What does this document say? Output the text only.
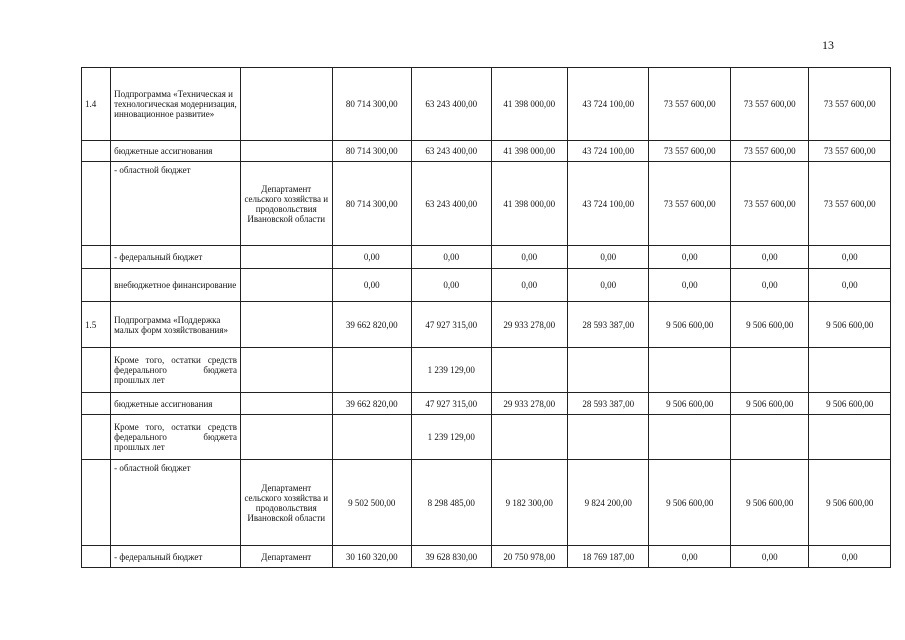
13
1.4	Подпрограмма «Техническая и технологическая модернизация, инновационное развитие»		80 714 300,00	63 243 400,00	41 398 000,00	43 724 100,00	73 557 600,00	73 557 600,00	73 557 600,00
	бюджетные ассигнования		80 714 300,00	63 243 400,00	41 398 000,00	43 724 100,00	73 557 600,00	73 557 600,00	73 557 600,00
	- областной бюджет	Департамент сельского хозяйства и продовольствия Ивановской области	80 714 300,00	63 243 400,00	41 398 000,00	43 724 100,00	73 557 600,00	73 557 600,00	73 557 600,00
	- федеральный бюджет		0,00	0,00	0,00	0,00	0,00	0,00	0,00
	внебюджетное финансирование		0,00	0,00	0,00	0,00	0,00	0,00	0,00
1.5	Подпрограмма «Поддержка малых форм хозяйствования»		39 662 820,00	47 927 315,00	29 933 278,00	28 593 387,00	9 506 600,00	9 506 600,00	9 506 600,00
	Кроме того, остатки средств федерального бюджета прошлых лет			1 239 129,00					
	бюджетные ассигнования		39 662 820,00	47 927 315,00	29 933 278,00	28 593 387,00	9 506 600,00	9 506 600,00	9 506 600,00
	Кроме того, остатки средств федерального бюджета прошлых лет			1 239 129,00					
	- областной бюджет	Департамент сельского хозяйства и продовольствия Ивановской области	9 502 500,00	8 298 485,00	9 182 300,00	9 824 200,00	9 506 600,00	9 506 600,00	9 506 600,00
	- федеральный бюджет	Департамент	30 160 320,00	39 628 830,00	20 750 978,00	18 769 187,00	0,00	0,00	0,00
